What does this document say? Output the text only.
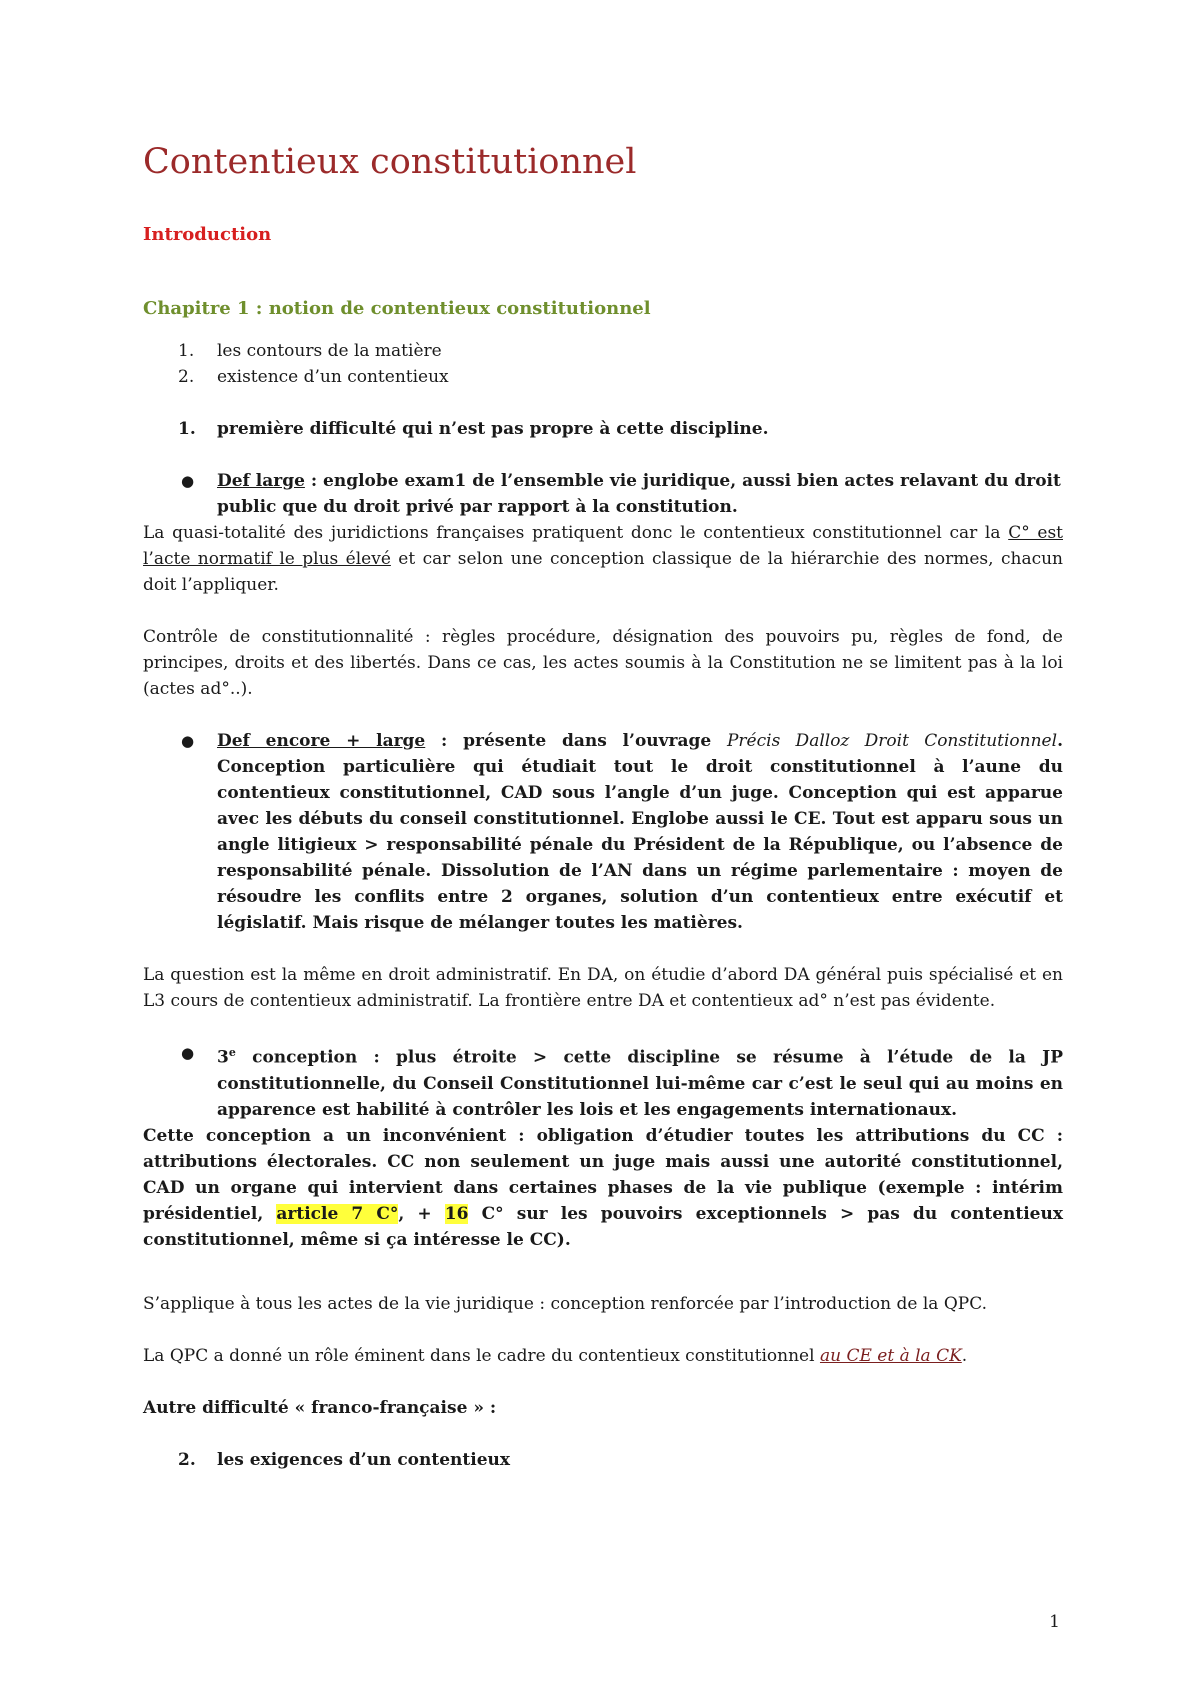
Contentieux constitutionnel
Introduction
Chapitre 1 : notion de contentieux constitutionnel
1.	les contours de la matière
2.	existence d’un contentieux
1.	première difficulté qui n’est pas propre à cette discipline.
●	Def large : englobe exam1 de l’ensemble vie juridique, aussi bien actes relavant du droit public que du droit privé par rapport à la constitution.

La quasi-totalité des juridictions françaises pratiquent donc le contentieux constitutionnel car la C° est l’acte normatif le plus élevé et car selon une conception classique de la hiérarchie des normes, chacun doit l’appliquer.

Contrôle de constitutionnalité : règles procédure, désignation des pouvoirs pu, règles de fond, de principes, droits et des libertés. Dans ce cas, les actes soumis à la Constitution ne se limitent pas à la loi (actes ad°..).

●	Def encore + large : présente dans l’ouvrage Précis Dalloz Droit Constitutionnel. Conception particulière qui étudiait tout le droit constitutionnel à l’aune du contentieux constitutionnel, CAD sous l’angle d’un juge. Conception qui est apparue avec les débuts du conseil constitutionnel. Englobe aussi le CE. Tout est apparu sous un angle litigieux > responsabilité pénale du Président de la République, ou l’absence de responsabilité pénale. Dissolution de l’AN dans un régime parlementaire : moyen de résoudre les conflits entre 2 organes, solution d’un contentieux entre exécutif et législatif. Mais risque de mélanger toutes les matières.

La question est la même en droit administratif. En DA, on étudie d’abord DA général puis spécialisé et en L3 cours de contentieux administratif. La frontière entre DA et contentieux ad° n’est pas évidente.

●	3e conception : plus étroite > cette discipline se résume à l’étude de la JP constitutionnelle, du Conseil Constitutionnel lui-même car c’est le seul qui au moins en apparence est habilité à contrôler les lois et les engagements internationaux.

Cette conception a un inconvénient : obligation d’étudier toutes les attributions du CC : attributions électorales. CC non seulement un juge mais aussi une autorité constitutionnel, CAD un organe qui intervient dans certaines phases de la vie publique (exemple : intérim présidentiel, article 7 C°, + 16 C° sur les pouvoirs exceptionnels > pas du contentieux constitutionnel, même si ça intéresse le CC).

S’applique à tous les actes de la vie juridique : conception renforcée par l’introduction de la QPC.

La QPC a donné un rôle éminent dans le cadre du contentieux constitutionnel au CE et à la CK.

Autre difficulté « franco-française » :

2.	les exigences d’un contentieux
1
